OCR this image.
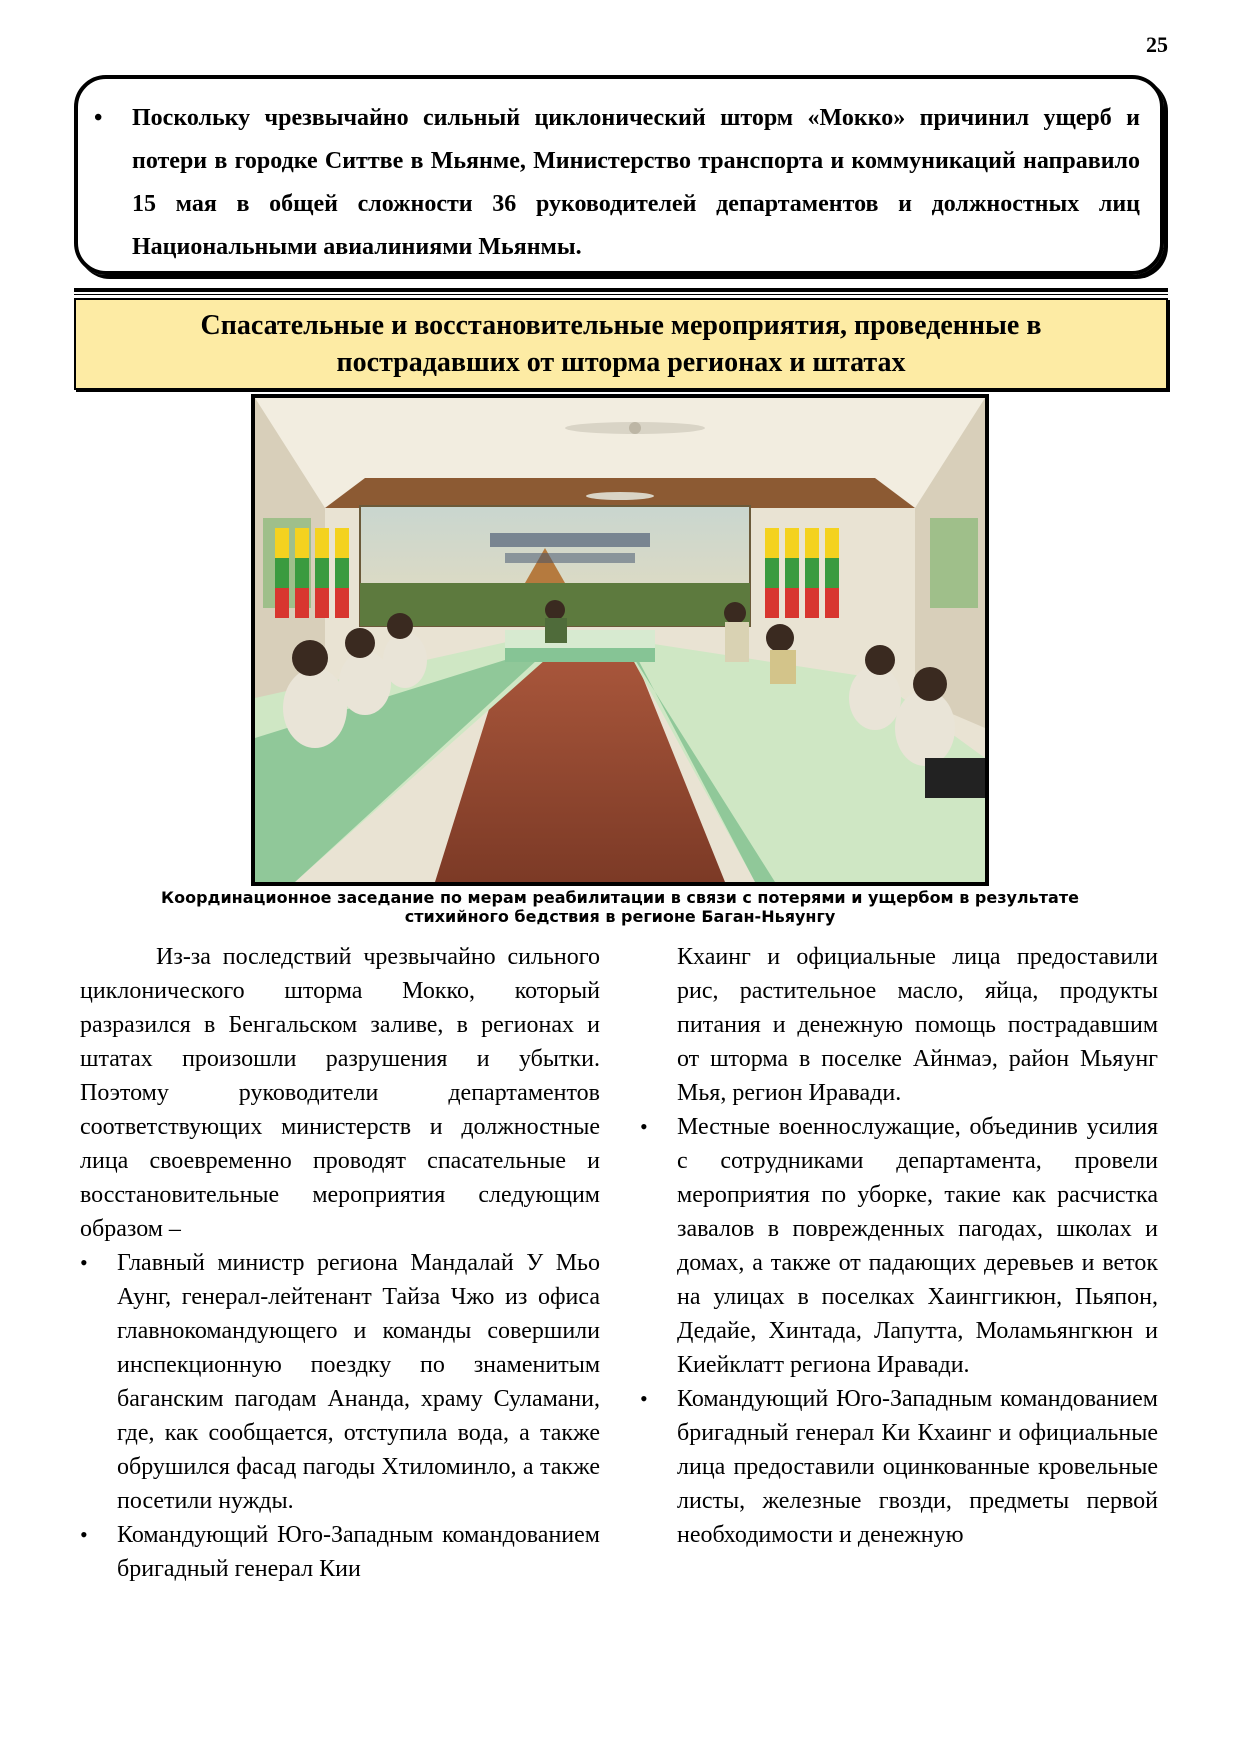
25
• Поскольку чрезвычайно сильный циклонический шторм «Мокко» причинил ущерб и потери в городке Ситтве в Мьянме, Министерство транспорта и коммуникаций направило 15 мая в общей сложности 36 руководителей департаментов и должностных лиц Национальными авиалиниями Мьянмы.
Спасательные и восстановительные мероприятия, проведенные в пострадавших от шторма регионах и штатах
Координационное заседание по мерам реабилитации в связи с потерями и ущербом в результате стихийного бедствия в регионе Баган-Ньяунгу

Из-за последствий чрезвычайно сильного циклонического шторма Мокко, который разразился в Бенгальском заливе, в регионах и штатах произошли разрушения и убытки. Поэтому руководители департаментов соответствующих министерств и должностные лица своевременно проводят спасательные и восстановительные мероприятия следующим образом –

• Главный министр региона Мандалай У Мьо Аунг, генерал-лейтенант Тайза Чжо из офиса главнокомандующего и команды совершили инспекционную поездку по знаменитым баганским пагодам Ананда, храму Суламани, где, как сообщается, отступила вода, а также обрушился фасад пагоды Хтиломинло, а также посетили нужды.
• Командующий Юго-Западным командованием бригадный генерал Кии

Кхаинг и официальные лица предоставили рис, растительное масло, яйца, продукты питания и денежную помощь пострадавшим от шторма в поселке Айнмаэ, район Мьяунг Мья, регион Иравади.

• Местные военнослужащие, объединив усилия с сотрудниками департамента, провели мероприятия по уборке, такие как расчистка завалов в поврежденных пагодах, школах и домах, а также от падающих деревьев и веток на улицах в поселках Хаинггикюн, Пьяпон, Дедайе, Хинтада, Лапутта, Моламьянгкюн и Киейклатт региона Иравади.
• Командующий Юго-Западным командованием бригадный генерал Ки Кхаинг и официальные лица предоставили оцинкованные кровельные листы, железные гвозди, предметы первой необходимости и денежную
